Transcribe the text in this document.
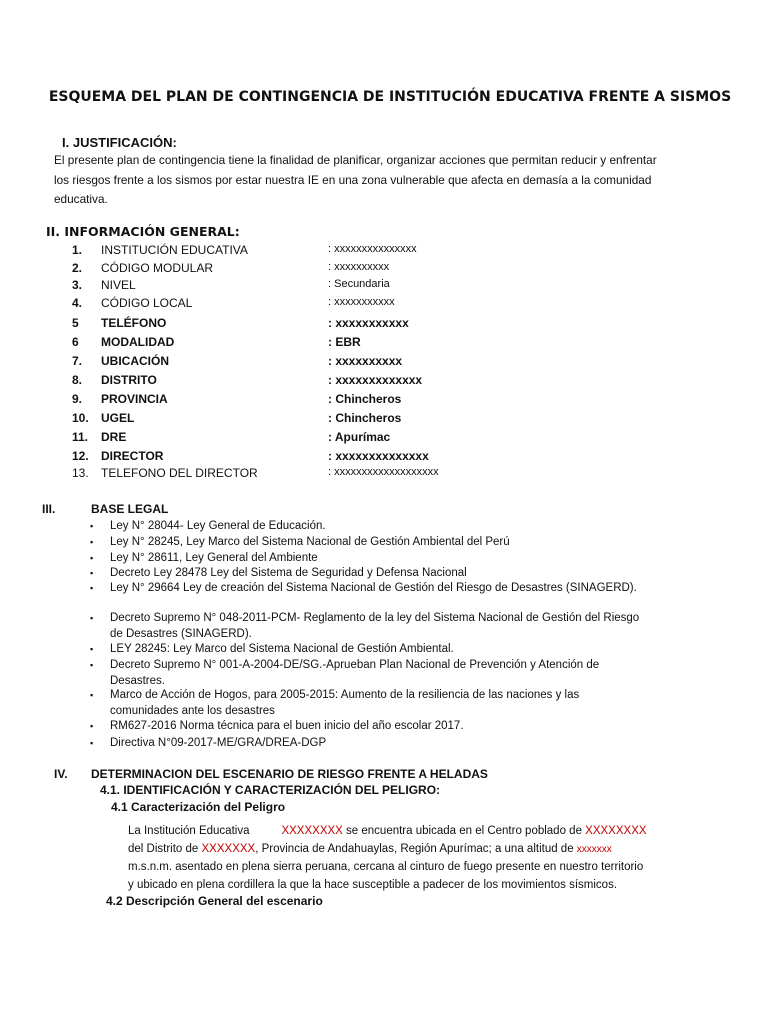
ESQUEMA DEL PLAN DE CONTINGENCIA DE INSTITUCIÓN EDUCATIVA FRENTE A SISMOS
I. JUSTIFICACIÓN:
El presente plan de contingencia tiene la finalidad de planificar, organizar acciones que permitan reducir y enfrentar
los riesgos frente a los sismos por estar nuestra IE en una zona vulnerable que afecta en demasía a la comunidad
educativa.
II. INFORMACIÓN GENERAL:
1. INSTITUCIÓN EDUCATIVA	: xxxxxxxxxxxxxxx
2. CÓDIGO MODULAR	: xxxxxxxxxx
3. NIVEL	: Secundaria
4. CÓDIGO LOCAL	: xxxxxxxxxxx
5 TELÉFONO	: xxxxxxxxxxx
6 MODALIDAD	: EBR
7. UBICACIÓN	: xxxxxxxxxx
8. DISTRITO	: xxxxxxxxxxxxx
9. PROVINCIA	: Chincheros
10. UGEL	: Chincheros
11. DRE	: Apurímac
12. DIRECTOR	: xxxxxxxxxxxxxx
13. TELEFONO DEL DIRECTOR	: xxxxxxxxxxxxxxxxxxx
III.	BASE LEGAL
▪ Ley N° 28044- Ley General de Educación.
▪ Ley N° 28245, Ley Marco del Sistema Nacional de Gestión Ambiental del Perú
▪ Ley N° 28611, Ley General del Ambiente
▪ Decreto Ley 28478 Ley del Sistema de Seguridad y Defensa Nacional
▪ Ley N° 29664 Ley de creación del Sistema Nacional de Gestión del Riesgo de Desastres (SINAGERD).
▪ Decreto Supremo N° 048-2011-PCM- Reglamento de la ley del Sistema Nacional de Gestión del Riesgo de Desastres (SINAGERD).
▪ LEY 28245: Ley Marco del Sistema Nacional de Gestión Ambiental.
▪ Decreto Supremo N° 001-A-2004-DE/SG.-Aprueban Plan Nacional de Prevención y Atención de Desastres.
▪ Marco de Acción de Hogos, para 2005-2015: Aumento de la resiliencia de las naciones y las comunidades ante los desastres
▪ RM627-2016 Norma técnica para el buen inicio del año escolar 2017.
▪ Directiva N°09-2017-ME/GRA/DREA-DGP
IV. DETERMINACION DEL ESCENARIO DE RIESGO FRENTE A HELADAS
4.1. IDENTIFICACIÓN Y CARACTERIZACIÓN DEL PELIGRO:
4.1 Caracterización del Peligro
La Institución Educativa	XXXXXXXX se encuentra ubicada en el Centro poblado de XXXXXXXX
del Distrito de XXXXXXX, Provincia de Andahuaylas, Región Apurímac; a una altitud de xxxxxxx
m.s.n.m. asentado en plena sierra peruana, cercana al cinturo de fuego presente en nuestro territorio
y ubicado en plena cordillera la que la hace susceptible a padecer de los movimientos sísmicos.
4.2 Descripción General del escenario
